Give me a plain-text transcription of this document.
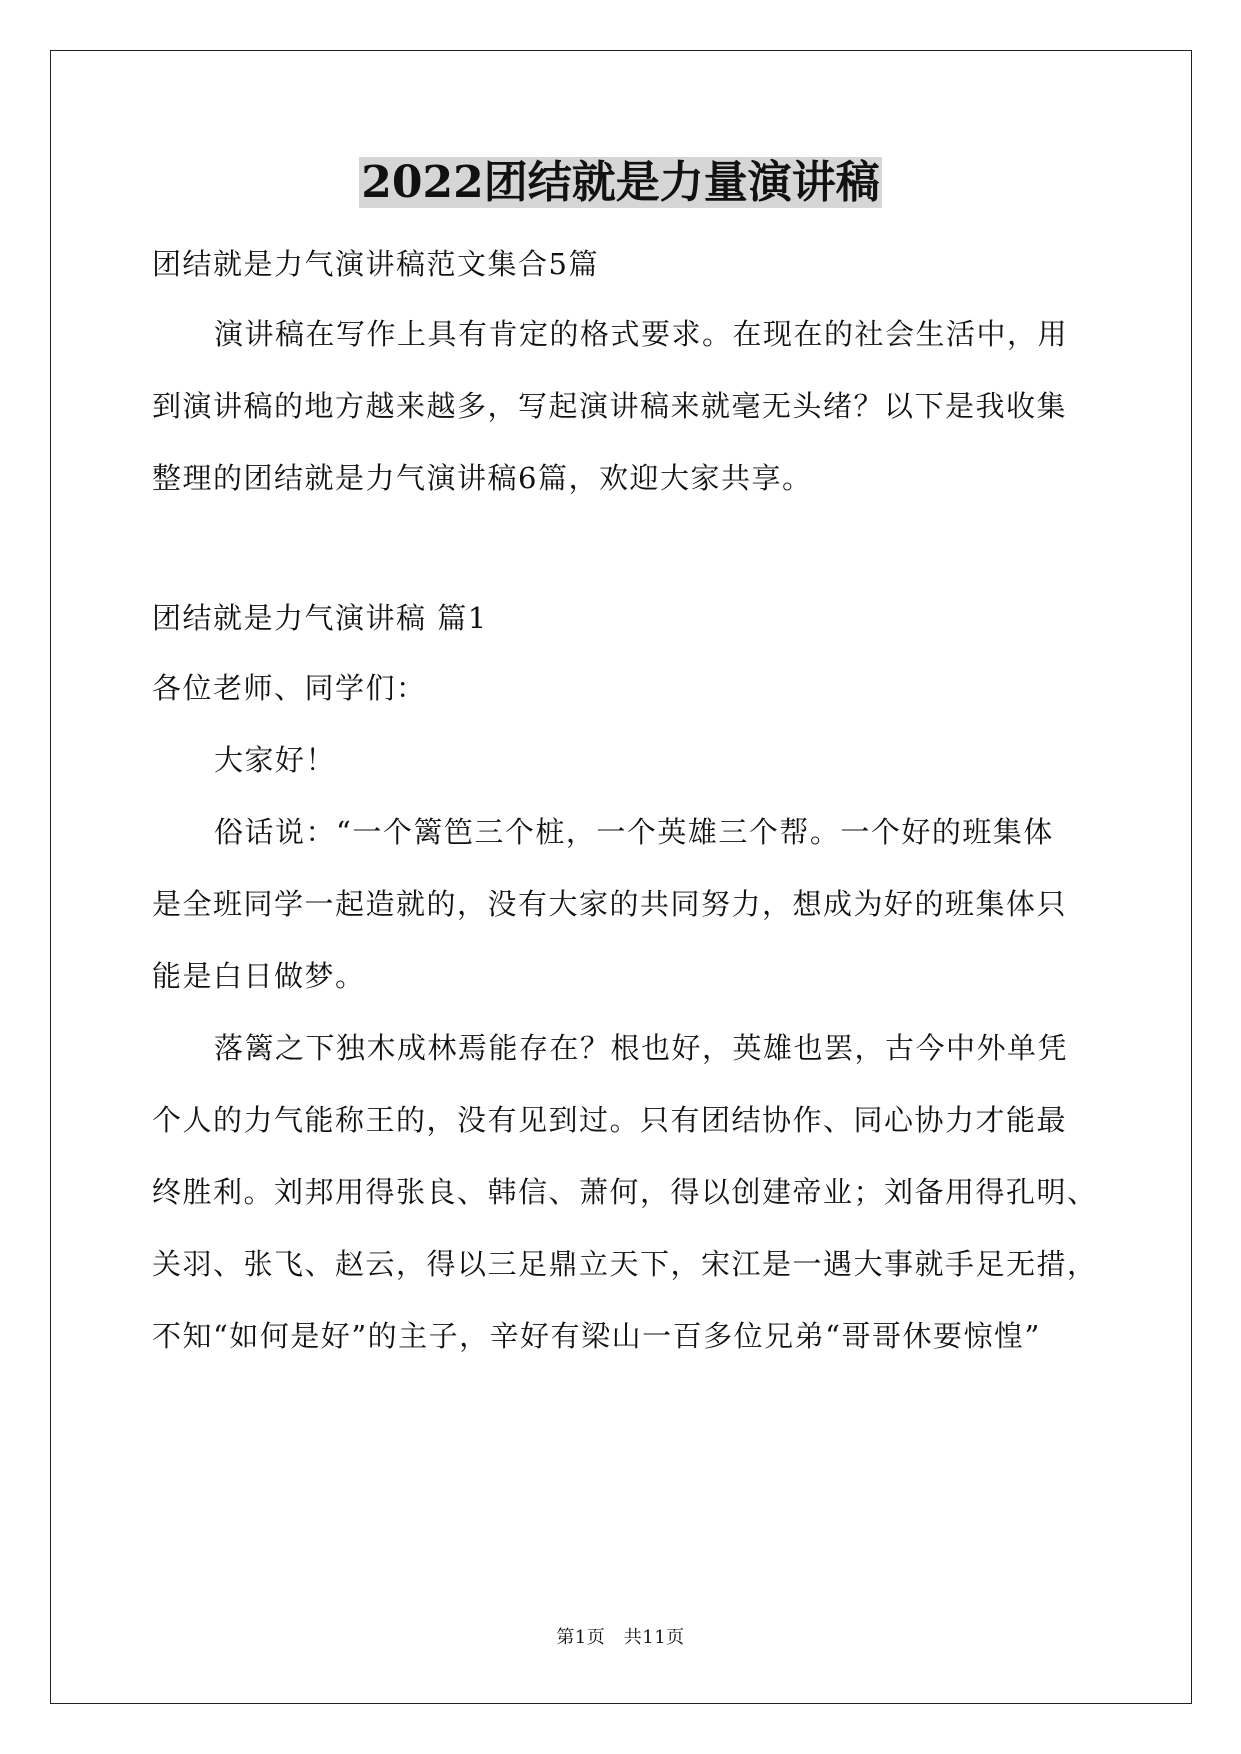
2022团结就是力量演讲稿

团结就是力气演讲稿范文集合5篇

演讲稿在写作上具有肯定的格式要求。在现在的社会生活中，用

到演讲稿的地方越来越多，写起演讲稿来就毫无头绪？以下是我收集

整理的团结就是力气演讲稿6篇，欢迎大家共享。

团结就是力气演讲稿 篇1

各位老师、同学们：

大家好！

俗话说：“一个篱笆三个桩，一个英雄三个帮。一个好的班集体

是全班同学一起造就的，没有大家的共同努力，想成为好的班集体只

能是白日做梦。

落篱之下独木成林焉能存在？根也好，英雄也罢，古今中外单凭

个人的力气能称王的，没有见到过。只有团结协作、同心协力才能最

终胜利。刘邦用得张良、韩信、萧何，得以创建帝业；刘备用得孔明、

关羽、张飞、赵云，得以三足鼎立天下，宋江是一遇大事就手足无措，

不知“如何是好”的主子，辛好有梁山一百多位兄弟“哥哥休要惊惶”

第1页　共11页
